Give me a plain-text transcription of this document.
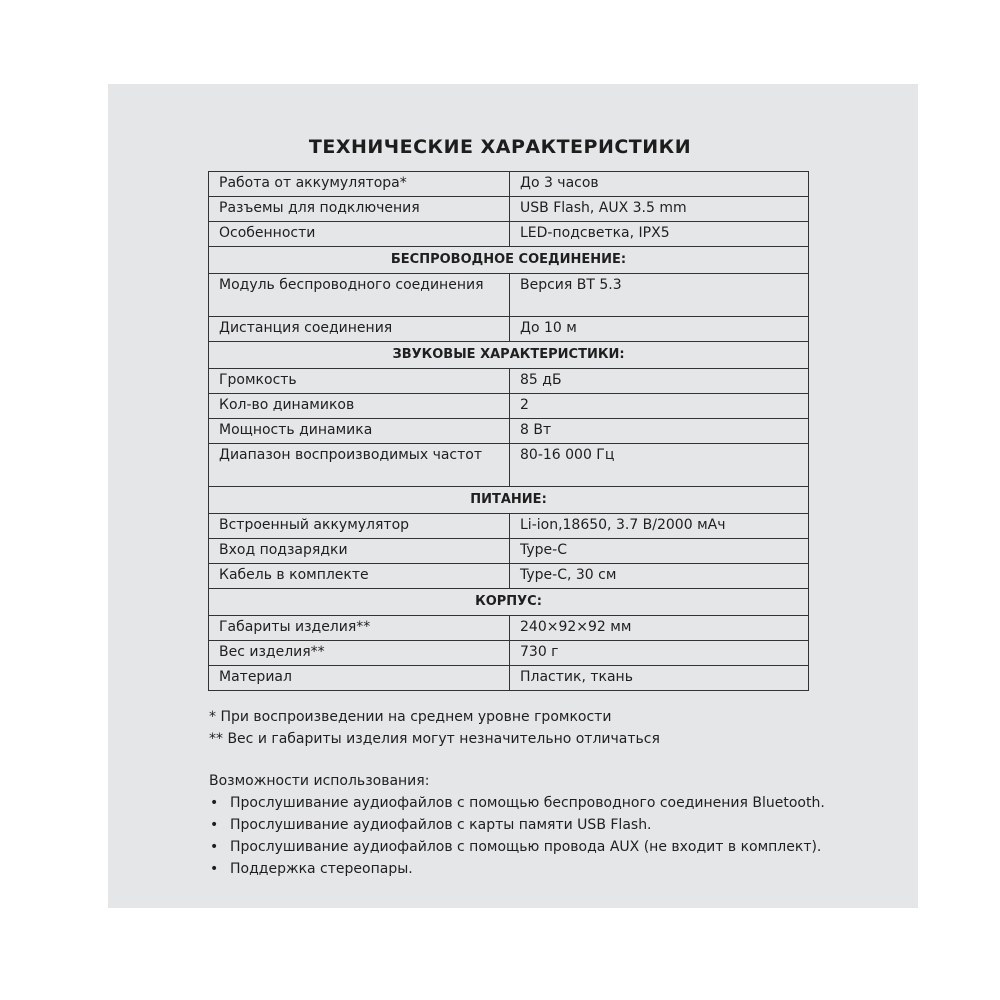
ТЕХНИЧЕСКИЕ ХАРАКТЕРИСТИКИ
Работа от аккумулятора*	До 3 часов
Разъемы для подключения	USB Flash, AUX 3.5 mm
Особенности	LED-подсветка, IPX5
БЕСПРОВОДНОЕ СОЕДИНЕНИЕ:	
Модуль беспроводного соединения	Версия BT 5.3
Дистанция соединения	До 10 м
ЗВУКОВЫЕ ХАРАКТЕРИСТИКИ:	
Громкость	85 дБ
Кол-во динамиков	2
Мощность динамика	8 Вт
Диапазон воспроизводимых частот	80-16 000 Гц
ПИТАНИЕ:	
Встроенный аккумулятор	Li-ion,18650, 3.7 В/2000 мАч
Вход подзарядки	Type-C
Кабель в комплекте	Type-C, 30 см
КОРПУС:	
Габариты изделия**	240×92×92 мм
Вес изделия**	730 г
Материал	Пластик, ткань
* При воспроизведении на среднем уровне громкости
** Вес и габариты изделия могут незначительно отличаться
Возможности использования:
• Прослушивание аудиофайлов с помощью беспроводного соединения Bluetooth.
• Прослушивание аудиофайлов с карты памяти USB Flash.
• Прослушивание аудиофайлов с помощью провода AUX (не входит в комплект).
• Поддержка стереопары.
